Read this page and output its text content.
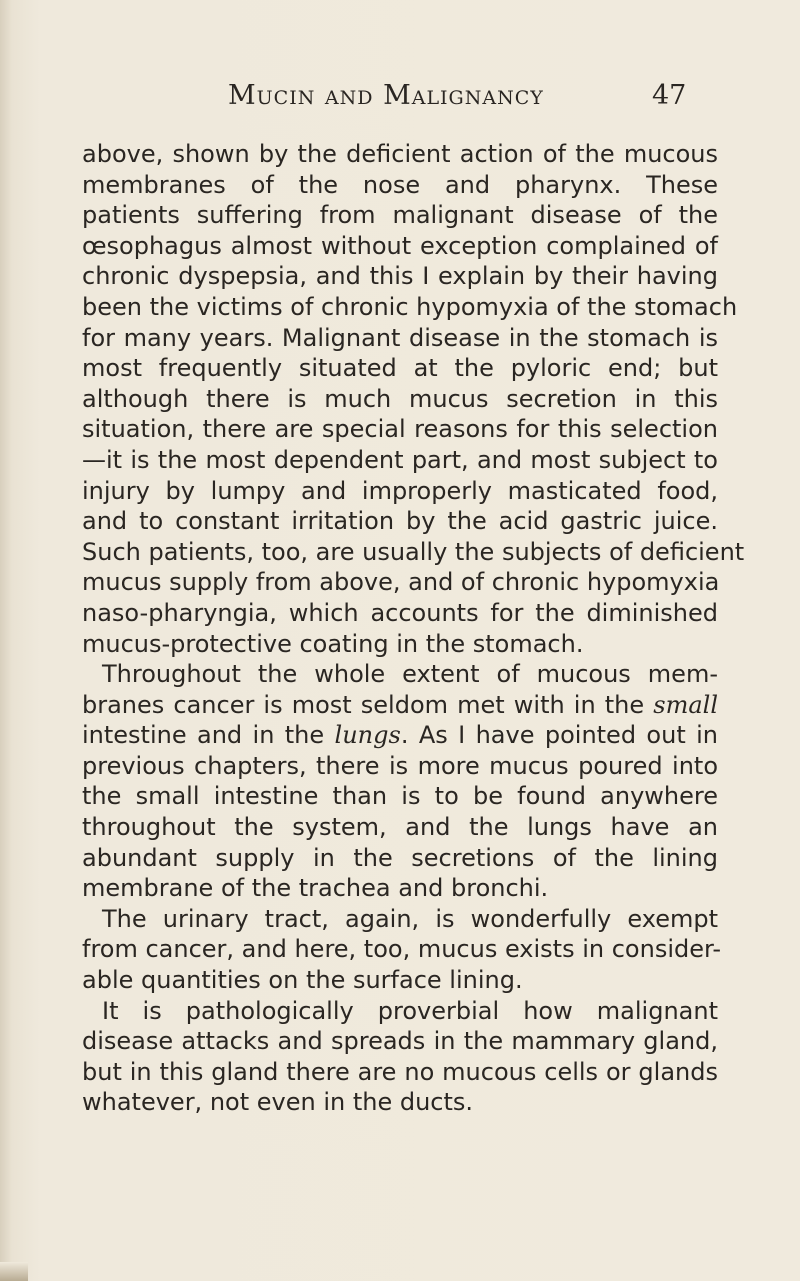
Mucin and Malignancy	47
above, shown by the deficient action of the mucous
membranes of the nose and pharynx. These
patients suffering from malignant disease of the
œsophagus almost without exception complained of
chronic dyspepsia, and this I explain by their having
been the victims of chronic hypomyxia of the stomach
for many years. Malignant disease in the stomach is
most frequently situated at the pyloric end; but
although there is much mucus secretion in this
situation, there are special reasons for this selection
—it is the most dependent part, and most subject to
injury by lumpy and improperly masticated food,
and to constant irritation by the acid gastric juice.
Such patients, too, are usually the subjects of deficient
mucus supply from above, and of chronic hypomyxia
naso-pharyngia, which accounts for the diminished
mucus-protective coating in the stomach.
Throughout the whole extent of mucous mem-
branes cancer is most seldom met with in the small
intestine and in the lungs. As I have pointed out in
previous chapters, there is more mucus poured into
the small intestine than is to be found anywhere
throughout the system, and the lungs have an
abundant supply in the secretions of the lining
membrane of the trachea and bronchi.
The urinary tract, again, is wonderfully exempt
from cancer, and here, too, mucus exists in consider-
able quantities on the surface lining.
It is pathologically proverbial how malignant
disease attacks and spreads in the mammary gland,
but in this gland there are no mucous cells or glands
whatever, not even in the ducts.
